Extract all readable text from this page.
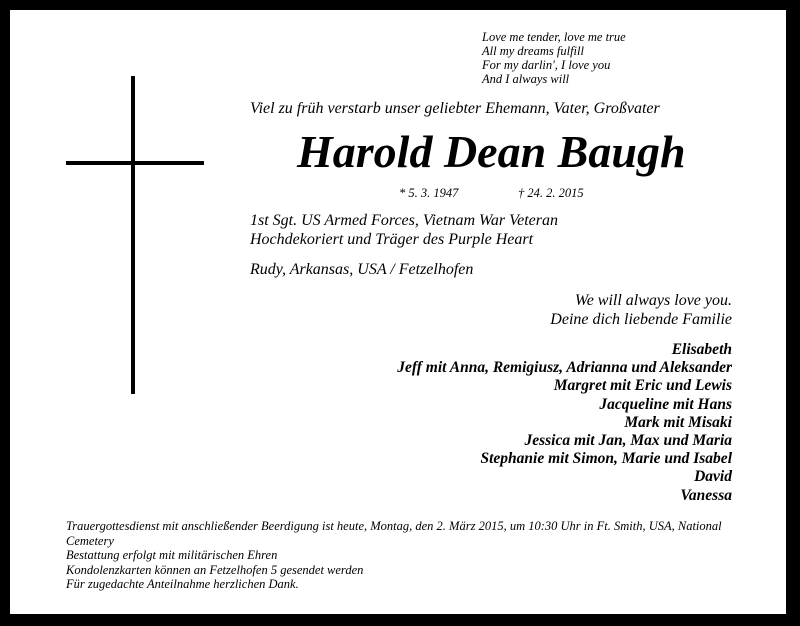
Love me tender, love me true
All my dreams fulfill
For my darlin', I love you
And I always will
Viel zu früh verstarb unser geliebter Ehemann, Vater, Großvater
Harold Dean Baugh
* 5. 3. 1947	† 24. 2. 2015
1st Sgt. US Armed Forces, Vietnam War Veteran
Hochdekoriert und Träger des Purple Heart
Rudy, Arkansas, USA / Fetzelhofen
We will always love you.
Deine dich liebende Familie
Elisabeth
Jeff mit Anna, Remigiusz, Adrianna und Aleksander
Margret mit Eric und Lewis
Jacqueline mit Hans
Mark mit Misaki
Jessica mit Jan, Max und Maria
Stephanie mit Simon, Marie und Isabel
David
Vanessa
Trauergottesdienst mit anschließender Beerdigung ist heute, Montag, den 2. März 2015, um 10:30 Uhr in Ft. Smith, USA, National Cemetery
Bestattung erfolgt mit militärischen Ehren
Kondolenzkarten können an Fetzelhofen 5 gesendet werden
Für zugedachte Anteilnahme herzlichen Dank.
